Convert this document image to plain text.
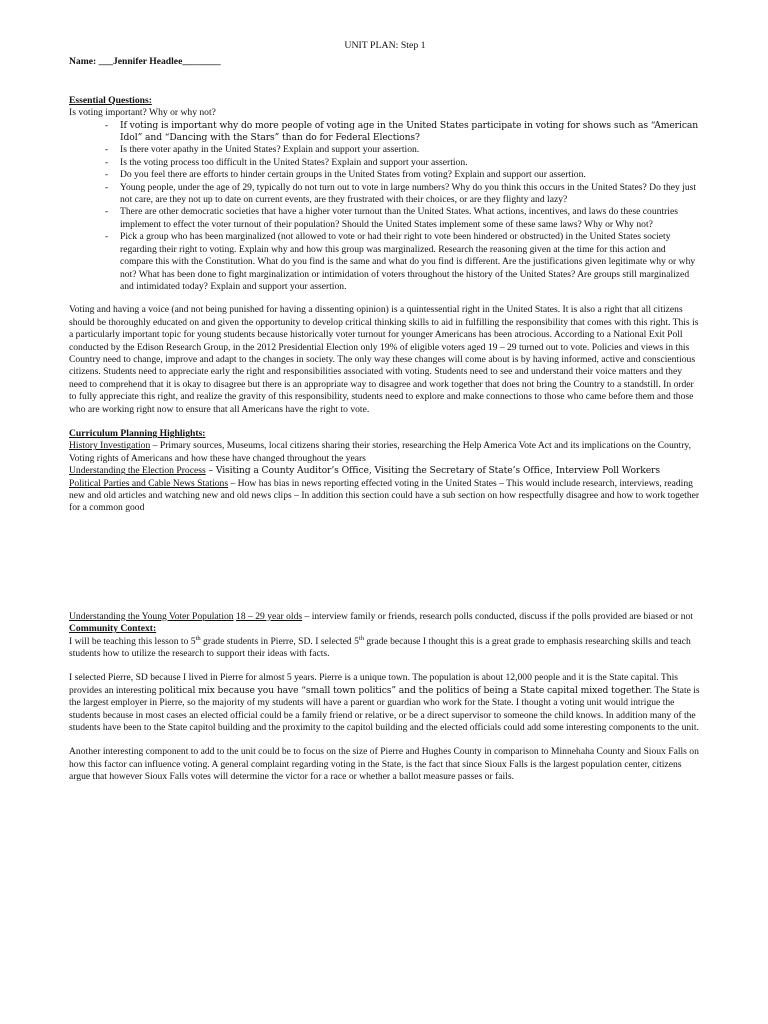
UNIT PLAN: Step 1

Name: ___Jennifer Headlee________

Essential Questions:

Is voting important? Why or why not?

- If voting is important why do more people of voting age in the United States participate in voting for shows such as “American Idol” and “Dancing with the Stars” than do for Federal Elections?
- Is there voter apathy in the United States? Explain and support your assertion.
- Is the voting process too difficult in the United States? Explain and support your assertion.
- Do you feel there are efforts to hinder certain groups in the United States from voting? Explain and support our assertion.
- Young people, under the age of 29, typically do not turn out to vote in large numbers? Why do you think this occurs in the United States? Do they just not care, are they not up to date on current events, are they frustrated with their choices, or are they flighty and lazy?
- There are other democratic societies that have a higher voter turnout than the United States. What actions, incentives, and laws do these countries implement to effect the voter turnout of their population? Should the United States implement some of these same laws? Why or Why not?
- Pick a group who has been marginalized (not allowed to vote or had their right to vote been hindered or obstructed) in the United States society regarding their right to voting. Explain why and how this group was marginalized. Research the reasoning given at the time for this action and compare this with the Constitution. What do you find is the same and what do you find is different. Are the justifications given legitimate why or why not? What has been done to fight marginalization or intimidation of voters throughout the history of the United States? Are groups still marginalized and intimidated today? Explain and support your assertion.

Voting and having a voice (and not being punished for having a dissenting opinion) is a quintessential right in the United States. It is also a right that all citizens should be thoroughly educated on and given the opportunity to develop critical thinking skills to aid in fulfilling the responsibility that comes with this right. This is a particularly important topic for young students because historically voter turnout for younger Americans has been atrocious. According to a National Exit Poll conducted by the Edison Research Group, in the 2012 Presidential Election only 19% of eligible voters aged 19 – 29 turned out to vote. Policies and views in this Country need to change, improve and adapt to the changes in society. The only way these changes will come about is by having informed, active and conscientious citizens. Students need to appreciate early the right and responsibilities associated with voting. Students need to see and understand their voice matters and they need to comprehend that it is okay to disagree but there is an appropriate way to disagree and work together that does not bring the Country to a standstill. In order to fully appreciate this right, and realize the gravity of this responsibility, students need to explore and make connections to those who came before them and those who are working right now to ensure that all Americans have the right to vote.

Curriculum Planning Highlights:

History Investigation – Primary sources, Museums, local citizens sharing their stories, researching the Help America Vote Act and its implications on the Country, Voting rights of Americans and how these have changed throughout the years

Understanding the Election Process – Visiting a County Auditor’s Office, Visiting the Secretary of State’s Office, Interview Poll Workers

Political Parties and Cable News Stations – How has bias in news reporting effected voting in the United States – This would include research, interviews, reading new and old articles and watching new and old news clips – In addition this section could have a sub section on how respectfully disagree and how to work together for a common good

Understanding the Young Voter Population 18 – 29 year olds – interview family or friends, research polls conducted, discuss if the polls provided are biased or not

Community Context:

I will be teaching this lesson to 5th grade students in Pierre, SD. I selected 5th grade because I thought this is a great grade to emphasis researching skills and teach students how to utilize the research to support their ideas with facts.

I selected Pierre, SD because I lived in Pierre for almost 5 years. Pierre is a unique town. The population is about 12,000 people and it is the State capital. This provides an interesting political mix because you have “small town politics” and the politics of being a State capital mixed together. The State is the largest employer in Pierre, so the majority of my students will have a parent or guardian who work for the State. I thought a voting unit would intrigue the students because in most cases an elected official could be a family friend or relative, or be a direct supervisor to someone the child knows. In addition many of the students have been to the State capitol building and the proximity to the capitol building and the elected officials could add some interesting components to the unit.

Another interesting component to add to the unit could be to focus on the size of Pierre and Hughes County in comparison to Minnehaha County and Sioux Falls on how this factor can influence voting. A general complaint regarding voting in the State, is the fact that since Sioux Falls is the largest population center, citizens argue that however Sioux Falls votes will determine the victor for a race or whether a ballot measure passes or fails.
